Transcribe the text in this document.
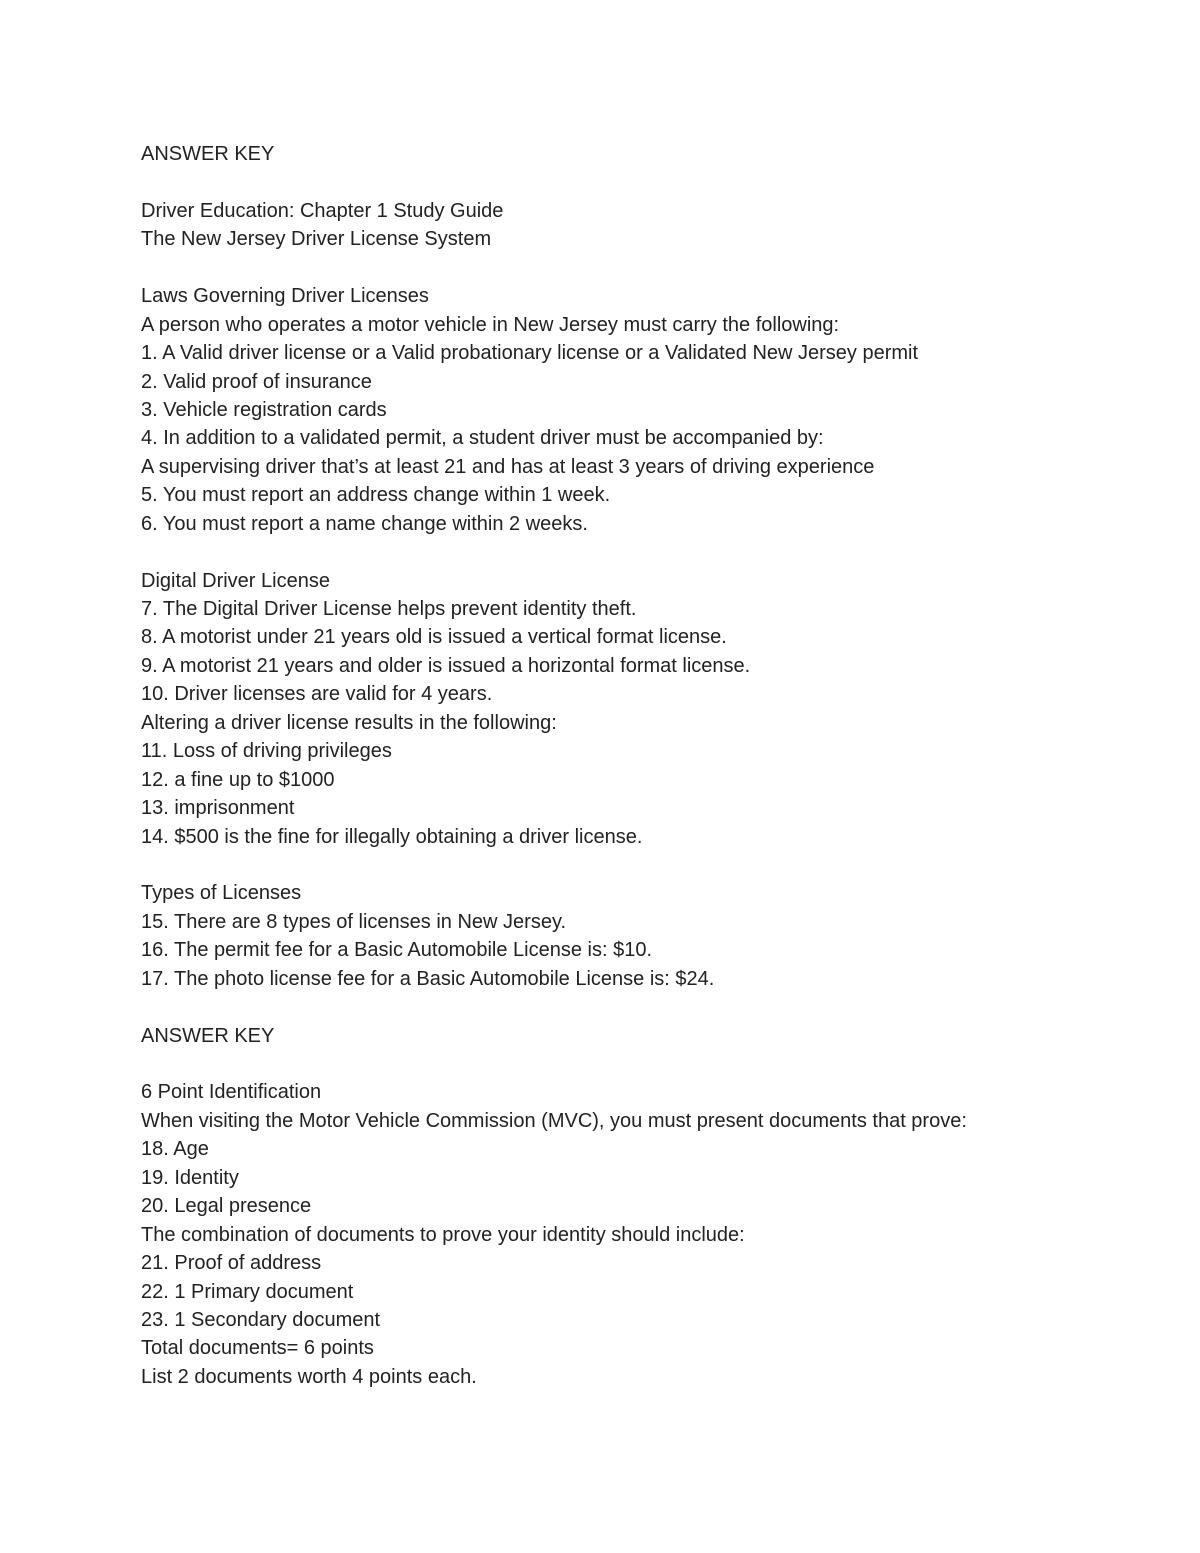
ANSWER KEY
Driver Education: Chapter 1 Study Guide
The New Jersey Driver License System
Laws Governing Driver Licenses
A person who operates a motor vehicle in New Jersey must carry the following:
1. A Valid driver license or a Valid probationary license or a Validated New Jersey permit
2. Valid proof of insurance
3. Vehicle registration cards
4. In addition to a validated permit, a student driver must be accompanied by:
A supervising driver that’s at least 21 and has at least 3 years of driving experience
5. You must report an address change within 1 week.
6. You must report a name change within 2 weeks.
Digital Driver License
7. The Digital Driver License helps prevent identity theft.
8. A motorist under 21 years old is issued a vertical format license.
9. A motorist 21 years and older is issued a horizontal format license.
10. Driver licenses are valid for 4 years.
Altering a driver license results in the following:
11. Loss of driving privileges
12. a fine up to $1000
13. imprisonment
14. $500 is the fine for illegally obtaining a driver license.
Types of Licenses
15. There are 8 types of licenses in New Jersey.
16. The permit fee for a Basic Automobile License is: $10.
17. The photo license fee for a Basic Automobile License is: $24.
ANSWER KEY
6 Point Identification
When visiting the Motor Vehicle Commission (MVC), you must present documents that prove:
18. Age
19. Identity
20. Legal presence
The combination of documents to prove your identity should include:
21. Proof of address
22. 1 Primary document
23. 1 Secondary document
Total documents= 6 points
List 2 documents worth 4 points each.
